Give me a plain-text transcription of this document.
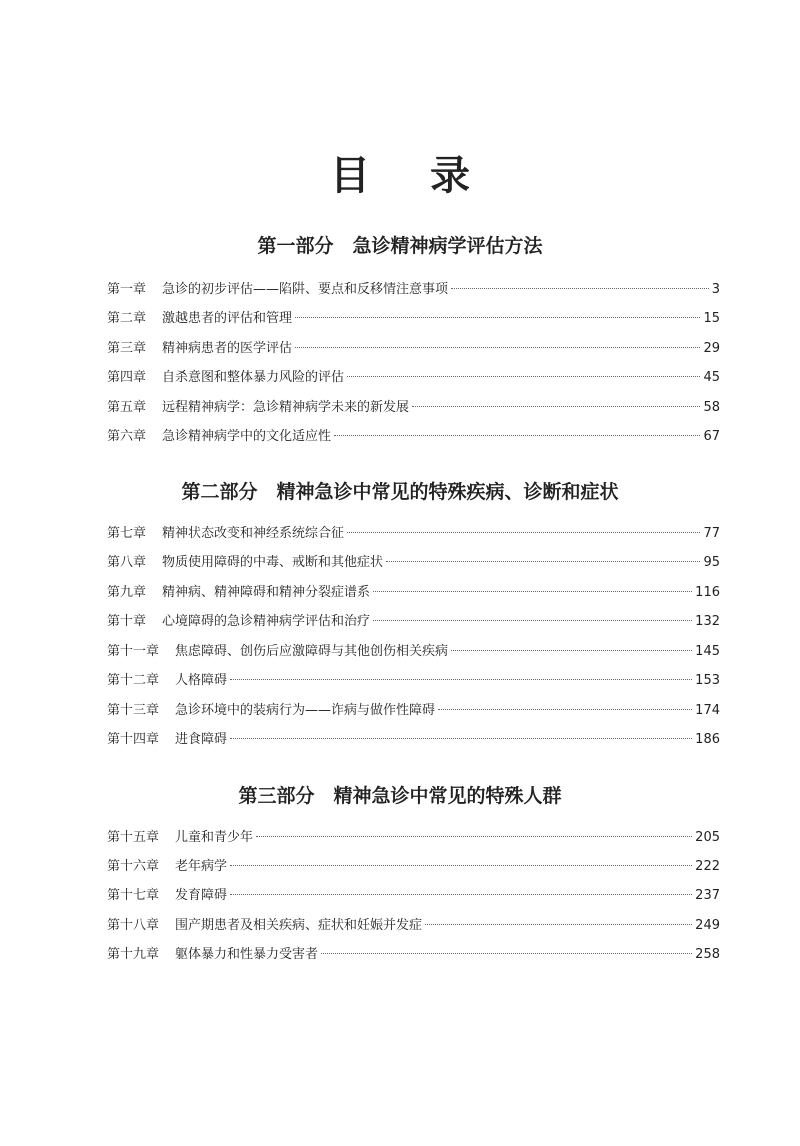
目录
第一部分　急诊精神病学评估方法
第一章 急诊的初步评估——陷阱、要点和反移情注意事项	3
第二章 激越患者的评估和管理	15
第三章 精神病患者的医学评估	29
第四章 自杀意图和整体暴力风险的评估	45
第五章 远程精神病学：急诊精神病学未来的新发展	58
第六章 急诊精神病学中的文化适应性	67
第二部分　精神急诊中常见的特殊疾病、诊断和症状
第七章 精神状态改变和神经系统综合征	77
第八章 物质使用障碍的中毒、戒断和其他症状	95
第九章 精神病、精神障碍和精神分裂症谱系	116
第十章 心境障碍的急诊精神病学评估和治疗	132
第十一章 焦虑障碍、创伤后应激障碍与其他创伤相关疾病	145
第十二章 人格障碍	153
第十三章 急诊环境中的装病行为——诈病与做作性障碍	174
第十四章 进食障碍	186
第三部分　精神急诊中常见的特殊人群
第十五章 儿童和青少年	205
第十六章 老年病学	222
第十七章 发育障碍	237
第十八章 围产期患者及相关疾病、症状和妊娠并发症	249
第十九章 躯体暴力和性暴力受害者	258
